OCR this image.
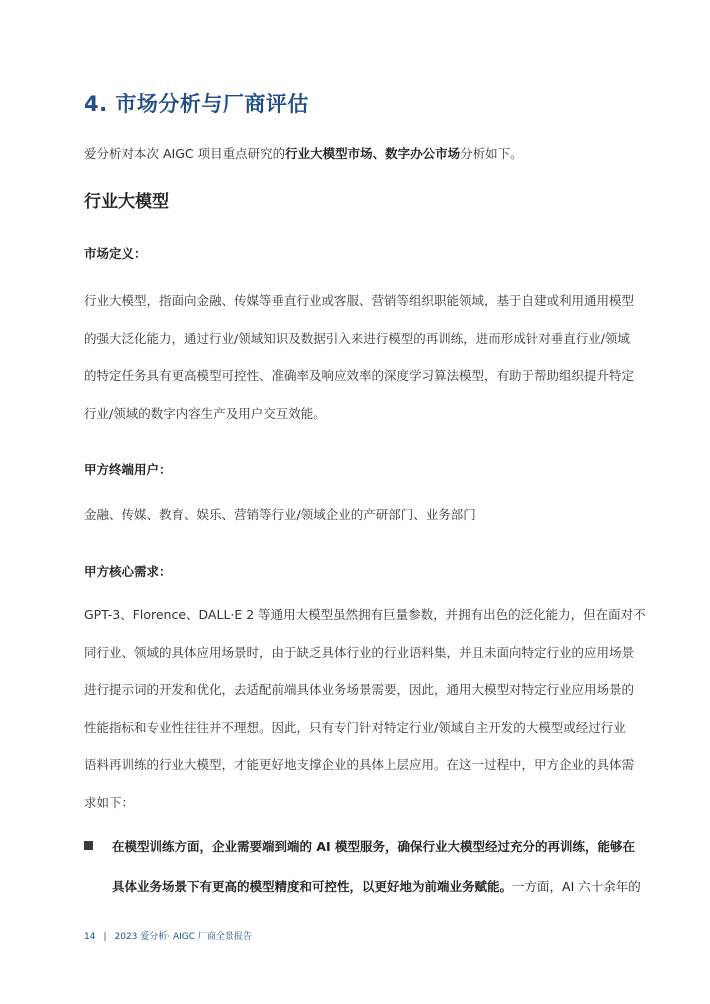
4. 市场分析与厂商评估
爱分析对本次 AIGC 项目重点研究的行业大模型市场、数字办公市场分析如下。
行业大模型
市场定义：
行业大模型，指面向金融、传媒等垂直行业或客服、营销等组织职能领域，基于自建或利用通用模型
的强大泛化能力，通过行业/领域知识及数据引入来进行模型的再训练，进而形成针对垂直行业/领域
的特定任务具有更高模型可控性、准确率及响应效率的深度学习算法模型，有助于帮助组织提升特定
行业/领域的数字内容生产及用户交互效能。
甲方终端用户：
金融、传媒、教育、娱乐、营销等行业/领域企业的产研部门、业务部门
甲方核心需求：
GPT-3、Florence、DALL·E 2 等通用大模型虽然拥有巨量参数，并拥有出色的泛化能力，但在面对不
同行业、领域的具体应用场景时，由于缺乏具体行业的行业语料集，并且未面向特定行业的应用场景
进行提示词的开发和优化，去适配前端具体业务场景需要，因此，通用大模型对特定行业应用场景的
性能指标和专业性往往并不理想。因此，只有专门针对特定行业/领域自主开发的大模型或经过行业
语料再训练的行业大模型，才能更好地支撑企业的具体上层应用。在这一过程中，甲方企业的具体需
求如下：
在模型训练方面，企业需要端到端的 AI 模型服务，确保行业大模型经过充分的再训练，能够在
具体业务场景下有更高的模型精度和可控性，以更好地为前端业务赋能。一方面，AI 六十余年的
14 | 2023 爱分析· AIGC 厂商全景报告
